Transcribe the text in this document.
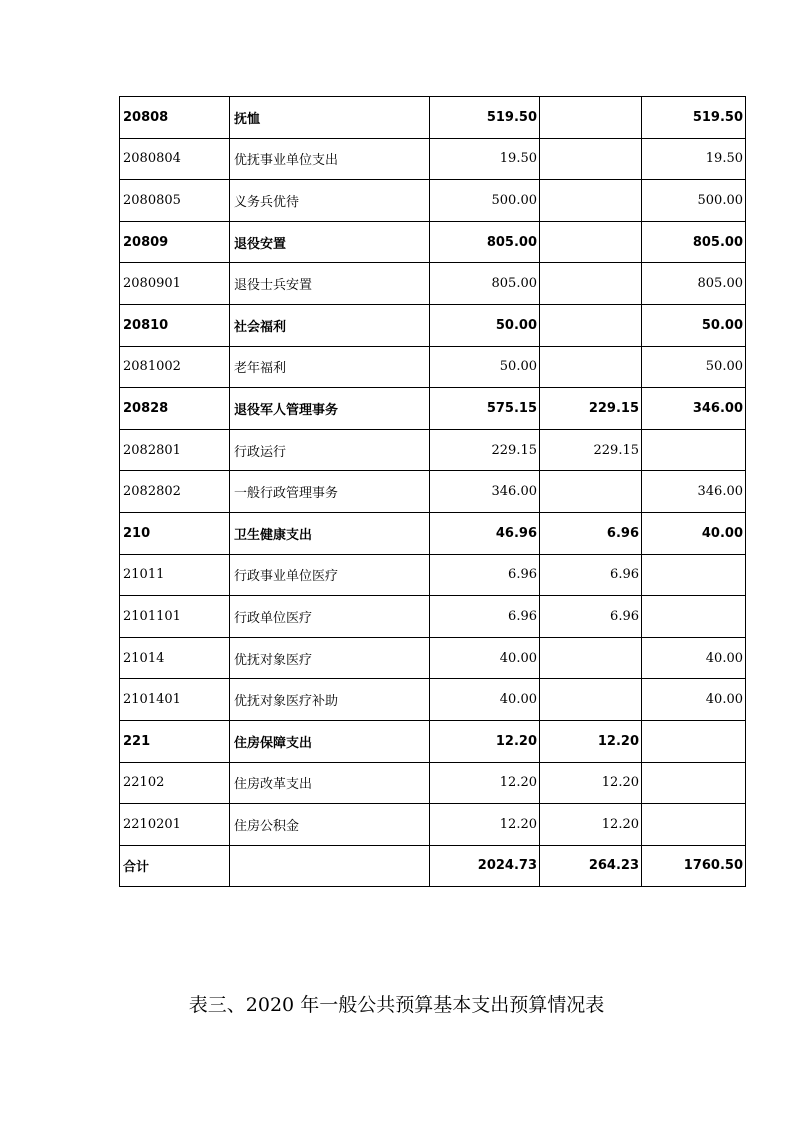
20808	抚恤	519.50		519.50
2080804	优抚事业单位支出	19.50		19.50
2080805	义务兵优待	500.00		500.00
20809	退役安置	805.00		805.00
2080901	退役士兵安置	805.00		805.00
20810	社会福利	50.00		50.00
2081002	老年福利	50.00		50.00
20828	退役军人管理事务	575.15	229.15	346.00
2082801	行政运行	229.15	229.15	
2082802	一般行政管理事务	346.00		346.00
210	卫生健康支出	46.96	6.96	40.00
21011	行政事业单位医疗	6.96	6.96	
2101101	行政单位医疗	6.96	6.96	
21014	优抚对象医疗	40.00		40.00
2101401	优抚对象医疗补助	40.00		40.00
221	住房保障支出	12.20	12.20	
22102	住房改革支出	12.20	12.20	
2210201	住房公积金	12.20	12.20	
合计		2024.73	264.23	1760.50
表三、2020 年一般公共预算基本支出预算情况表
